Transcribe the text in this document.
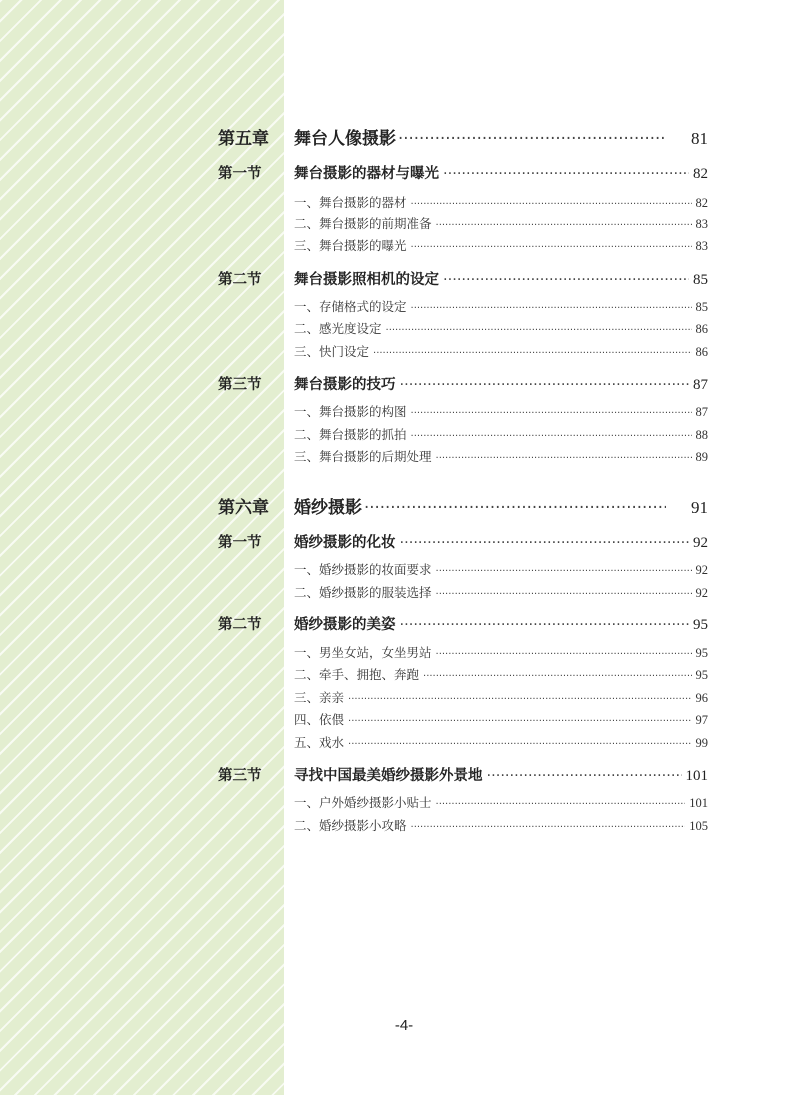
第五章	舞台人像摄影 ·····	81
第一节	舞台摄影的器材与曝光 ·····	82
一、舞台摄影的器材 ·····	82
二、舞台摄影的前期准备 ·····	83
三、舞台摄影的曝光 ·····	83
第二节	舞台摄影照相机的设定 ·····	85
一、存储格式的设定 ·····	85
二、感光度设定 ·····	86
三、快门设定 ·····	86
第三节	舞台摄影的技巧 ·····	87
一、舞台摄影的构图 ·····	87
二、舞台摄影的抓拍 ·····	88
三、舞台摄影的后期处理 ·····	89
第六章	婚纱摄影 ·····	91
第一节	婚纱摄影的化妆 ·····	92
一、婚纱摄影的妆面要求 ·····	92
二、婚纱摄影的服装选择 ·····	92
第二节	婚纱摄影的美姿 ·····	95
一、男坐女站，女坐男站 ·····	95
二、牵手、拥抱、奔跑 ·····	95
三、亲亲 ·····	96
四、依偎 ·····	97
五、戏水 ·····	99
第三节	寻找中国最美婚纱摄影外景地 ·····	101
一、户外婚纱摄影小贴士 ·····	101
二、婚纱摄影小攻略 ·····	105
-4-
